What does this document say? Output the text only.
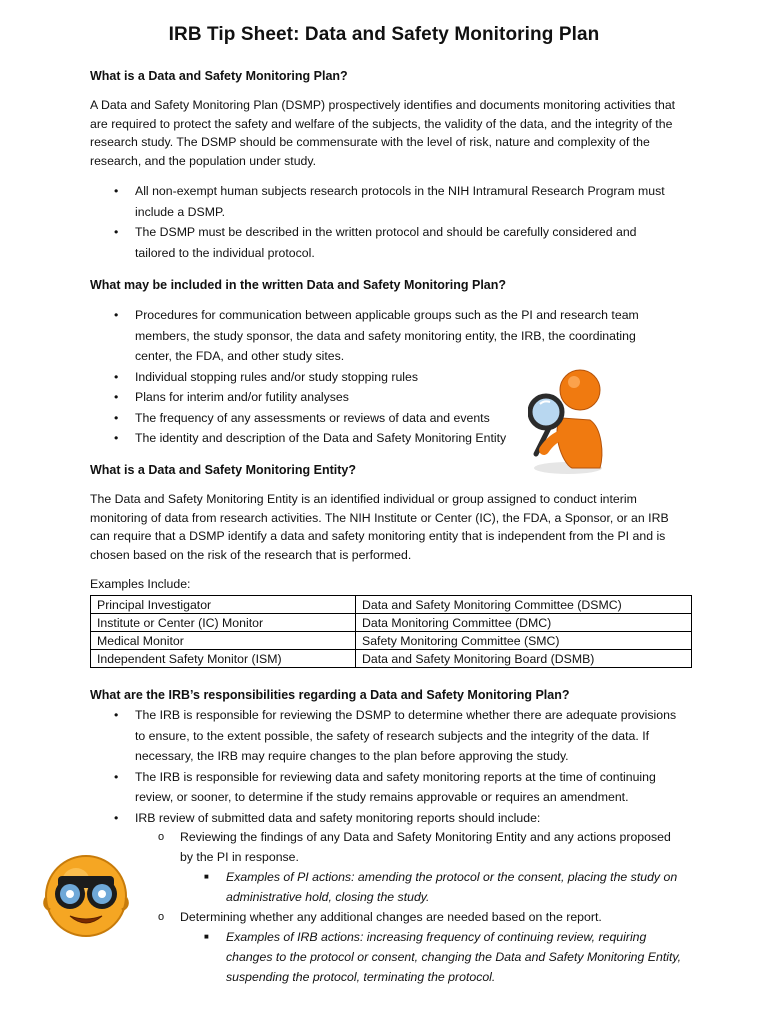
IRB Tip Sheet: Data and Safety Monitoring Plan
What is a Data and Safety Monitoring Plan?

A Data and Safety Monitoring Plan (DSMP) prospectively identifies and documents monitoring activities that are required to protect the safety and welfare of the subjects, the validity of the data, and the integrity of the research study. The DSMP should be commensurate with the level of risk, nature and complexity of the research, and the population under study.

• All non-exempt human subjects research protocols in the NIH Intramural Research Program must include a DSMP.
• The DSMP must be described in the written protocol and should be carefully considered and tailored to the individual protocol.
What may be included in the written Data and Safety Monitoring Plan?
• Procedures for communication between applicable groups such as the PI and research team members, the study sponsor, the data and safety monitoring entity, the IRB, the coordinating center, the FDA, and other study sites.
• Individual stopping rules and/or study stopping rules
• Plans for interim and/or futility analyses
• The frequency of any assessments or reviews of data and events
• The identity and description of the Data and Safety Monitoring Entity
What is a Data and Safety Monitoring Entity?

The Data and Safety Monitoring Entity is an identified individual or group assigned to conduct interim monitoring of data from research activities. The NIH Institute or Center (IC), the FDA, a Sponsor, or an IRB can require that a DSMP identify a data and safety monitoring entity that is independent from the PI and is chosen based on the risk of the research that is performed.

Examples Include:
Principal Investigator	Data and Safety Monitoring Committee (DSMC)
Institute or Center (IC) Monitor	Data Monitoring Committee (DMC)
Medical Monitor	Safety Monitoring Committee (SMC)
Independent Safety Monitor (ISM)	Data and Safety Monitoring Board (DSMB)
What are the IRB’s responsibilities regarding a Data and Safety Monitoring Plan?
• The IRB is responsible for reviewing the DSMP to determine whether there are adequate provisions to ensure, to the extent possible, the safety of research subjects and the integrity of the data. If necessary, the IRB may require changes to the plan before approving the study.
• The IRB is responsible for reviewing data and safety monitoring reports at the time of continuing review, or sooner, to determine if the study remains approvable or requires an amendment.
• IRB review of submitted data and safety monitoring reports should include:
o Reviewing the findings of any Data and Safety Monitoring Entity and any actions proposed by the PI in response.
■ Examples of PI actions: amending the protocol or the consent, placing the study on administrative hold, closing the study.
o Determining whether any additional changes are needed based on the report.
■ Examples of IRB actions: increasing frequency of continuing review, requiring changes to the protocol or consent, changing the Data and Safety Monitoring Entity, suspending the protocol, terminating the protocol.
